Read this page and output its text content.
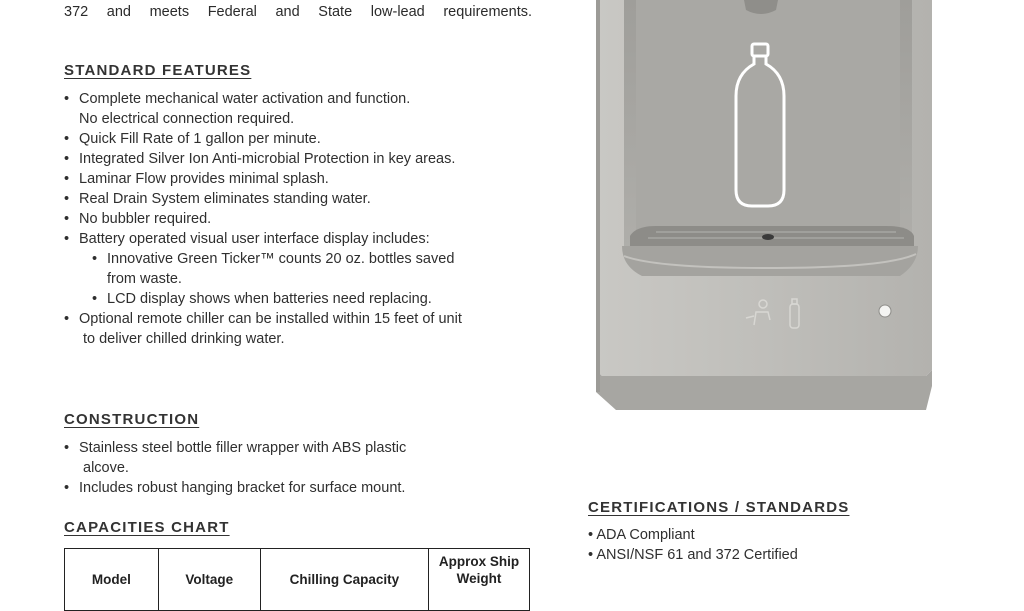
372 and meets Federal and State low-lead requirements.
STANDARD FEATURES
• Complete mechanical water activation and function.
No electrical connection required.
• Quick Fill Rate of 1 gallon per minute.
• Integrated Silver Ion Anti-microbial Protection in key areas.
• Laminar Flow provides minimal splash.
• Real Drain System eliminates standing water.
• No bubbler required.
• Battery operated visual user interface display includes:
• Innovative Green Ticker™ counts 20 oz. bottles saved
from waste.
• LCD display shows when batteries need replacing.
• Optional remote chiller can be installed within 15 feet of unit
to deliver chilled drinking water.
CONSTRUCTION
• Stainless steel bottle filler wrapper with ABS plastic
alcove.
• Includes robust hanging bracket for surface mount.
CAPACITIES CHART
Model	Voltage	Chilling Capacity	Approx Ship Weight
CERTIFICATIONS / STANDARDS
• ADA Compliant
• ANSI/NSF 61 and 372 Certified
